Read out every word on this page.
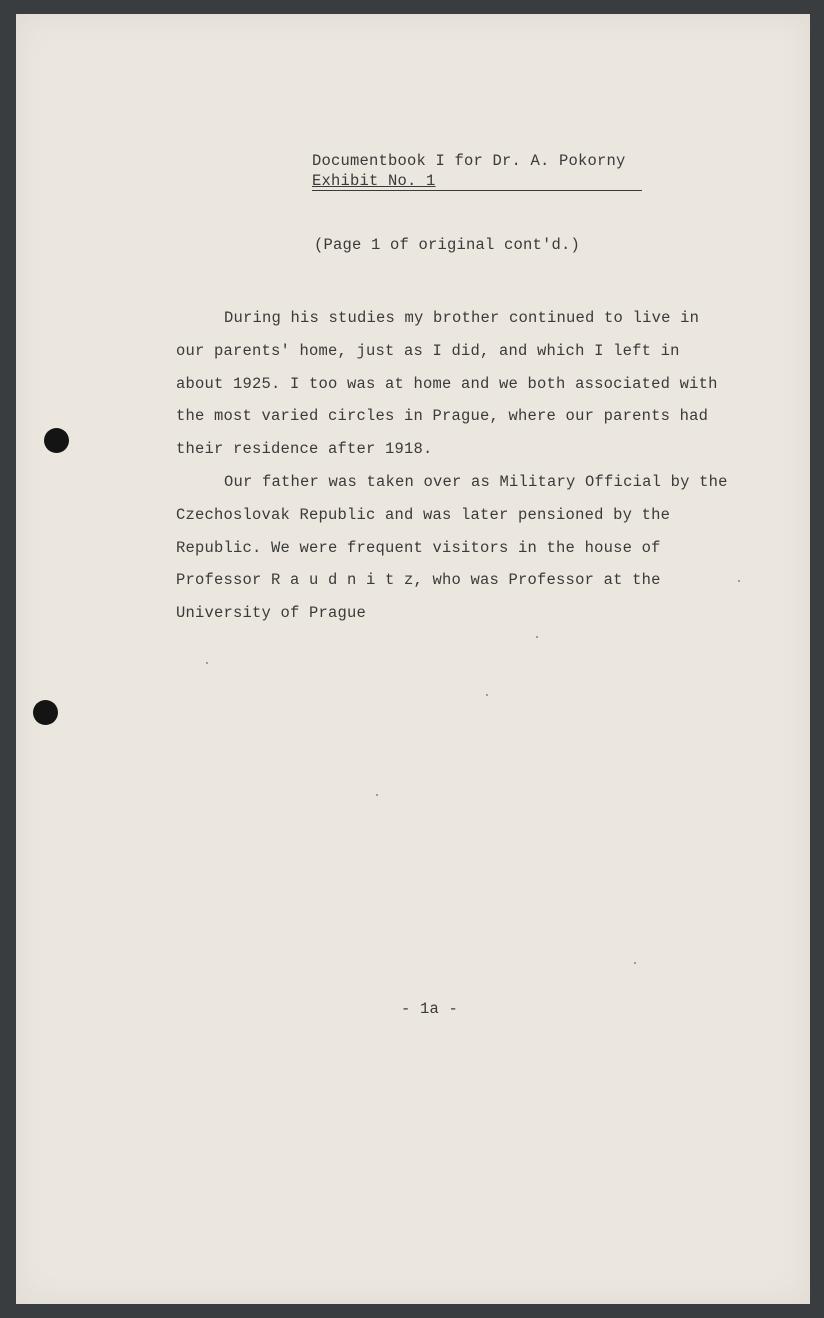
Documentbook I for Dr. A. Pokorny
Exhibit No. 1
(Page 1 of original cont'd.)
During his studies my brother continued to live in
our parents' home, just as I did, and which I left in
about 1925. I too was at home and we both associated with
the most varied circles in Prague, where our parents had
their residence after 1918.
Our father was taken over as Military Official by the
Czechoslovak Republic and was later pensioned by the
Republic. We were frequent visitors in the house of
Professor R a u d n i t z, who was Professor at the
University of Prague
- 1a -
